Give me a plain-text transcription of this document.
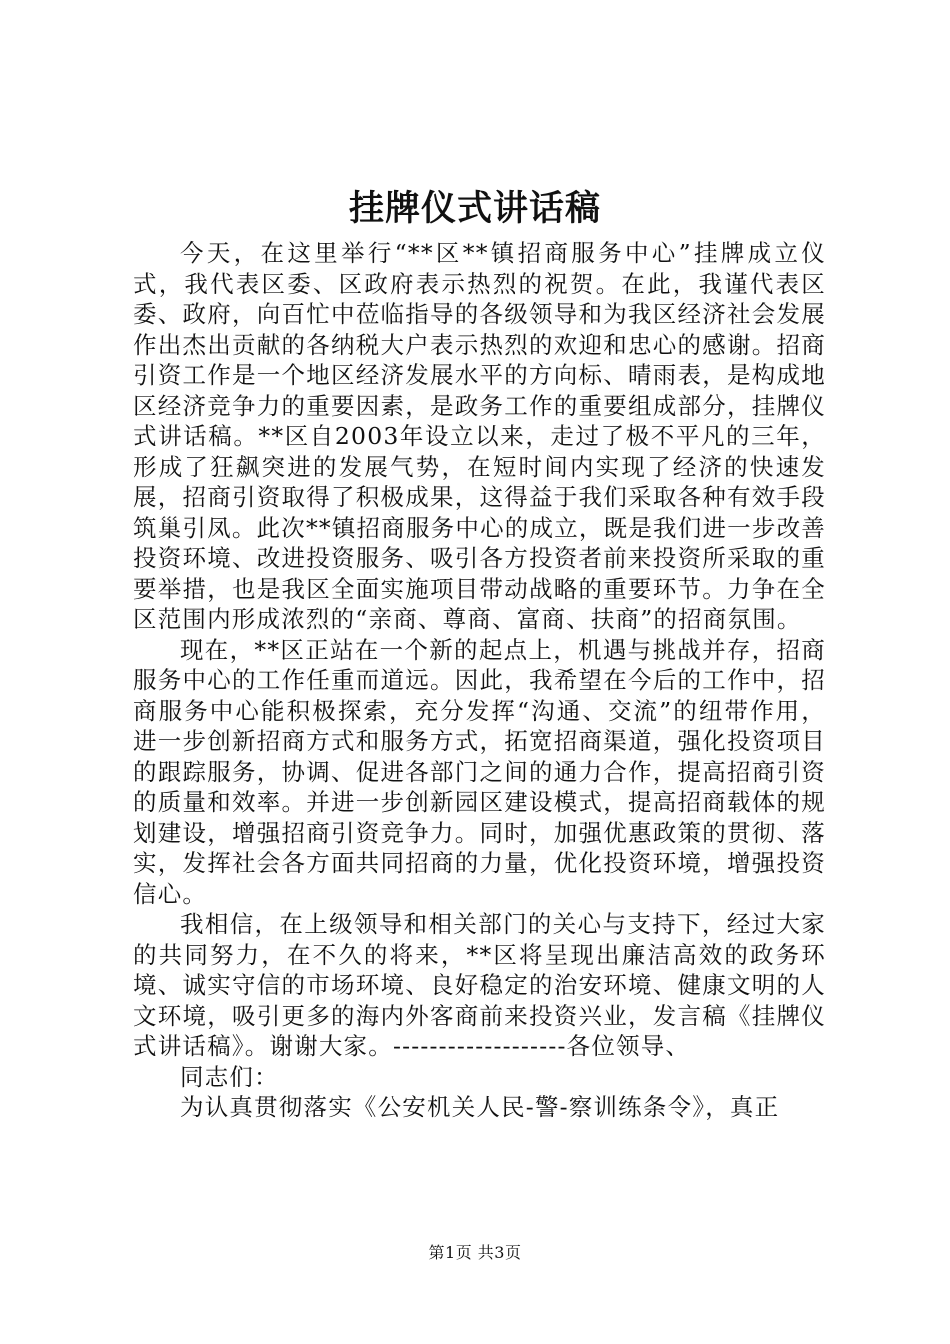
挂牌仪式讲话稿

今天，在这里举行“**区**镇招商服务中心”挂牌成立仪式，我代表区委、区政府表示热烈的祝贺。在此，我谨代表区委、政府，向百忙中莅临指导的各级领导和为我区经济社会发展作出杰出贡献的各纳税大户表示热烈的欢迎和忠心的感谢。招商引资工作是一个地区经济发展水平的方向标、晴雨表，是构成地区经济竞争力的重要因素，是政务工作的重要组成部分，挂牌仪式讲话稿。**区自2003年设立以来，走过了极不平凡的三年，形成了狂飙突进的发展气势，在短时间内实现了经济的快速发展，招商引资取得了积极成果，这得益于我们采取各种有效手段筑巢引凤。此次**镇招商服务中心的成立，既是我们进一步改善投资环境、改进投资服务、吸引各方投资者前来投资所采取的重要举措，也是我区全面实施项目带动战略的重要环节。力争在全区范围内形成浓烈的“亲商、尊商、富商、扶商”的招商氛围。

现在，**区正站在一个新的起点上，机遇与挑战并存，招商服务中心的工作任重而道远。因此，我希望在今后的工作中，招商服务中心能积极探索，充分发挥“沟通、交流”的纽带作用，进一步创新招商方式和服务方式，拓宽招商渠道，强化投资项目的跟踪服务，协调、促进各部门之间的通力合作，提高招商引资的质量和效率。并进一步创新园区建设模式，提高招商载体的规划建设，增强招商引资竞争力。同时，加强优惠政策的贯彻、落实，发挥社会各方面共同招商的力量，优化投资环境，增强投资信心。

我相信，在上级领导和相关部门的关心与支持下，经过大家的共同努力，在不久的将来，**区将呈现出廉洁高效的政务环境、诚实守信的市场环境、良好稳定的治安环境、健康文明的人文环境，吸引更多的海内外客商前来投资兴业，发言稿《挂牌仪式讲话稿》。谢谢大家。-------------------各位领导、

同志们：

为认真贯彻落实《公安机关人民-警-察训练条令》，真正

第1页 共3页
